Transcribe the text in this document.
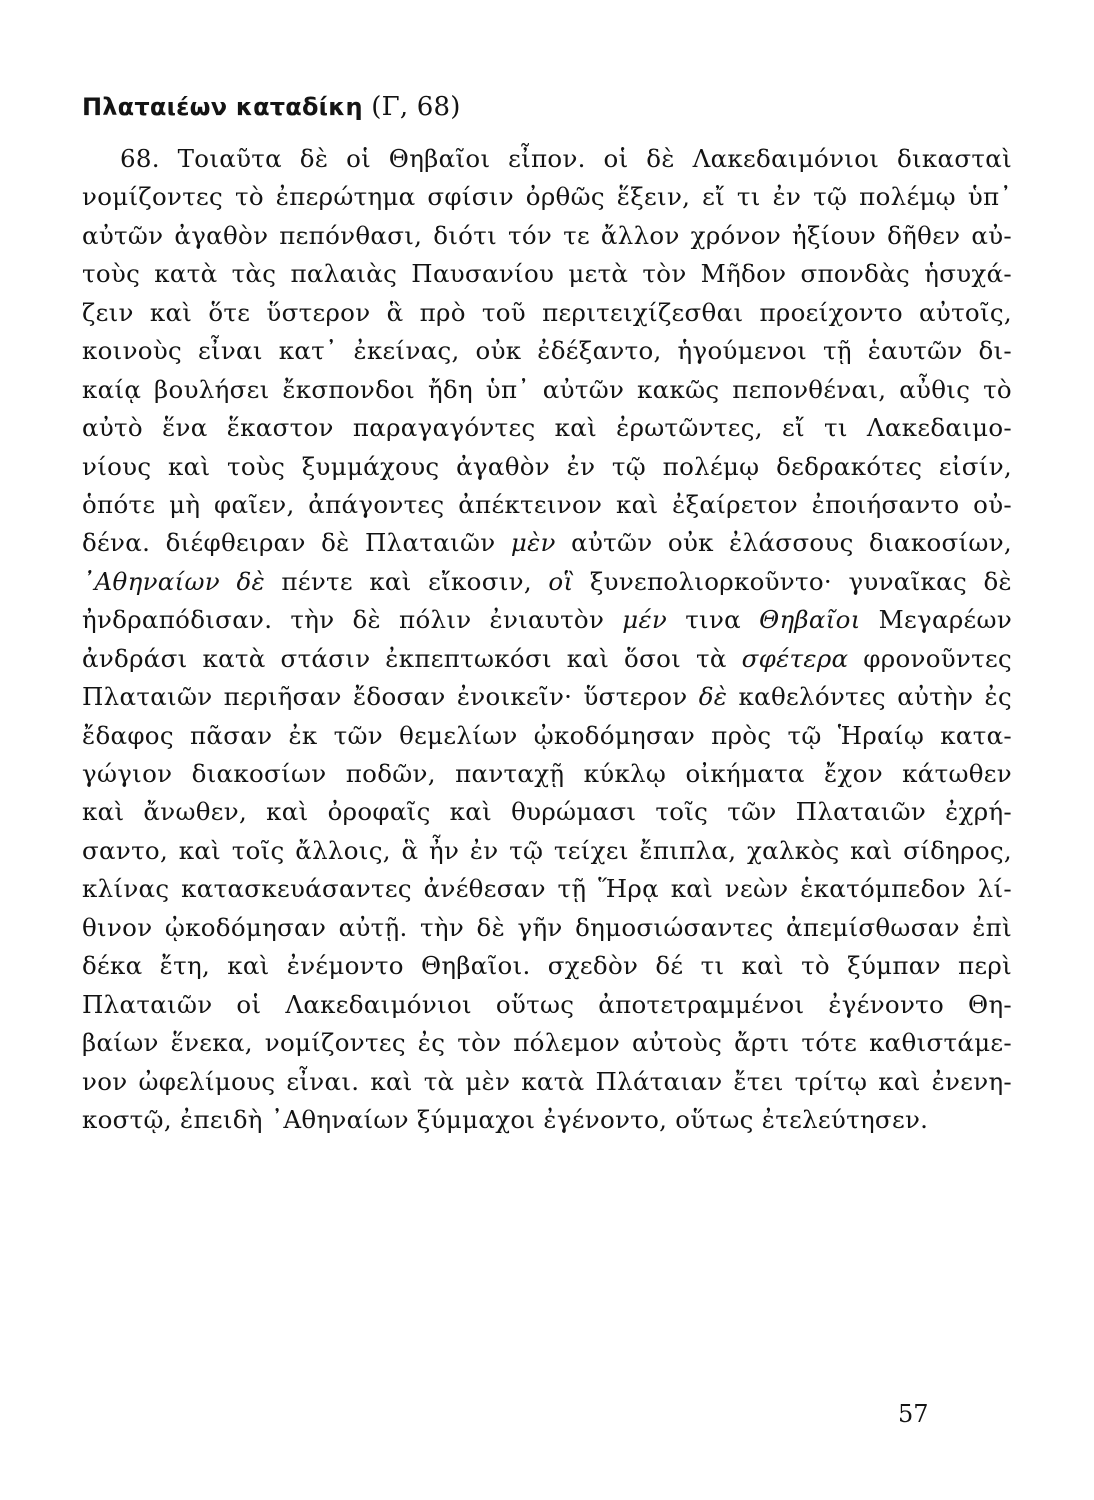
Πλαταιέων καταδίκη (Γ, 68)
68. Τοιαῦτα δὲ οἱ Θηβαῖοι εἶπον. οἱ δὲ Λακεδαιμόνιοι δικασταὶ
νομίζοντες τὸ ἐπερώτημα σφίσιν ὀρθῶς ἕξειν, εἴ τι ἐν τῷ πολέμῳ ὑπ᾽
αὐτῶν ἀγαθὸν πεπόνθασι, διότι τόν τε ἄλλον χρόνον ἠξίουν δῆθεν αὐ-
τοὺς κατὰ τὰς παλαιὰς Παυσανίου μετὰ τὸν Μῆδον σπονδὰς ἡσυχά-
ζειν καὶ ὅτε ὕστερον ἃ πρὸ τοῦ περιτειχίζεσθαι προείχοντο αὐτοῖς,
κοινοὺς εἶναι κατ᾽ ἐκείνας, οὐκ ἐδέξαντο, ἡγούμενοι τῇ ἑαυτῶν δι-
καίᾳ βουλήσει ἔκσπονδοι ἤδη ὑπ᾽ αὐτῶν κακῶς πεπονθέναι, αὖθις τὸ
αὐτὸ ἕνα ἕκαστον παραγαγόντες καὶ ἐρωτῶντες, εἴ τι Λακεδαιμο-
νίους καὶ τοὺς ξυμμάχους ἀγαθὸν ἐν τῷ πολέμῳ δεδρακότες εἰσίν,
ὁπότε μὴ φαῖεν, ἀπάγοντες ἀπέκτεινον καὶ ἐξαίρετον ἐποιήσαντο οὐ-
δένα. διέφθειραν δὲ Πλαταιῶν μὲν αὐτῶν οὐκ ἐλάσσους διακοσίων,
᾽Αθηναίων δὲ πέντε καὶ εἴκοσιν, οἳ ξυνεπολιορκοῦντο· γυναῖκας δὲ
ἠνδραπόδισαν. τὴν δὲ πόλιν ἐνιαυτὸν μέν τινα Θηβαῖοι Μεγαρέων
ἀνδράσι κατὰ στάσιν ἐκπεπτωκόσι καὶ ὅσοι τὰ σφέτερα φρονοῦντες
Πλαταιῶν περιῆσαν ἔδοσαν ἐνοικεῖν· ὕστερον δὲ καθελόντες αὐτὴν ἐς
ἔδαφος πᾶσαν ἐκ τῶν θεμελίων ᾠκοδόμησαν πρὸς τῷ Ἡραίῳ κατα-
γώγιον διακοσίων ποδῶν, πανταχῇ κύκλῳ οἰκήματα ἔχον κάτωθεν
καὶ ἄνωθεν, καὶ ὀροφαῖς καὶ θυρώμασι τοῖς τῶν Πλαταιῶν ἐχρή-
σαντο, καὶ τοῖς ἄλλοις, ἃ ἦν ἐν τῷ τείχει ἔπιπλα, χαλκὸς καὶ σίδηρος,
κλίνας κατασκευάσαντες ἀνέθεσαν τῇ Ἥρᾳ καὶ νεὼν ἑκατόμπεδον λί-
θινον ᾠκοδόμησαν αὐτῇ. τὴν δὲ γῆν δημοσιώσαντες ἀπεμίσθωσαν ἐπὶ
δέκα ἔτη, καὶ ἐνέμοντο Θηβαῖοι. σχεδὸν δέ τι καὶ τὸ ξύμπαν περὶ
Πλαταιῶν οἱ Λακεδαιμόνιοι οὕτως ἀποτετραμμένοι ἐγένοντο Θη-
βαίων ἕνεκα, νομίζοντες ἐς τὸν πόλεμον αὐτοὺς ἄρτι τότε καθιστάμε-
νον ὠφελίμους εἶναι. καὶ τὰ μὲν κατὰ Πλάταιαν ἔτει τρίτῳ καὶ ἐνενη-
κοστῷ, ἐπειδὴ ᾽Αθηναίων ξύμμαχοι ἐγένοντο, οὕτως ἐτελεύτησεν.
57
